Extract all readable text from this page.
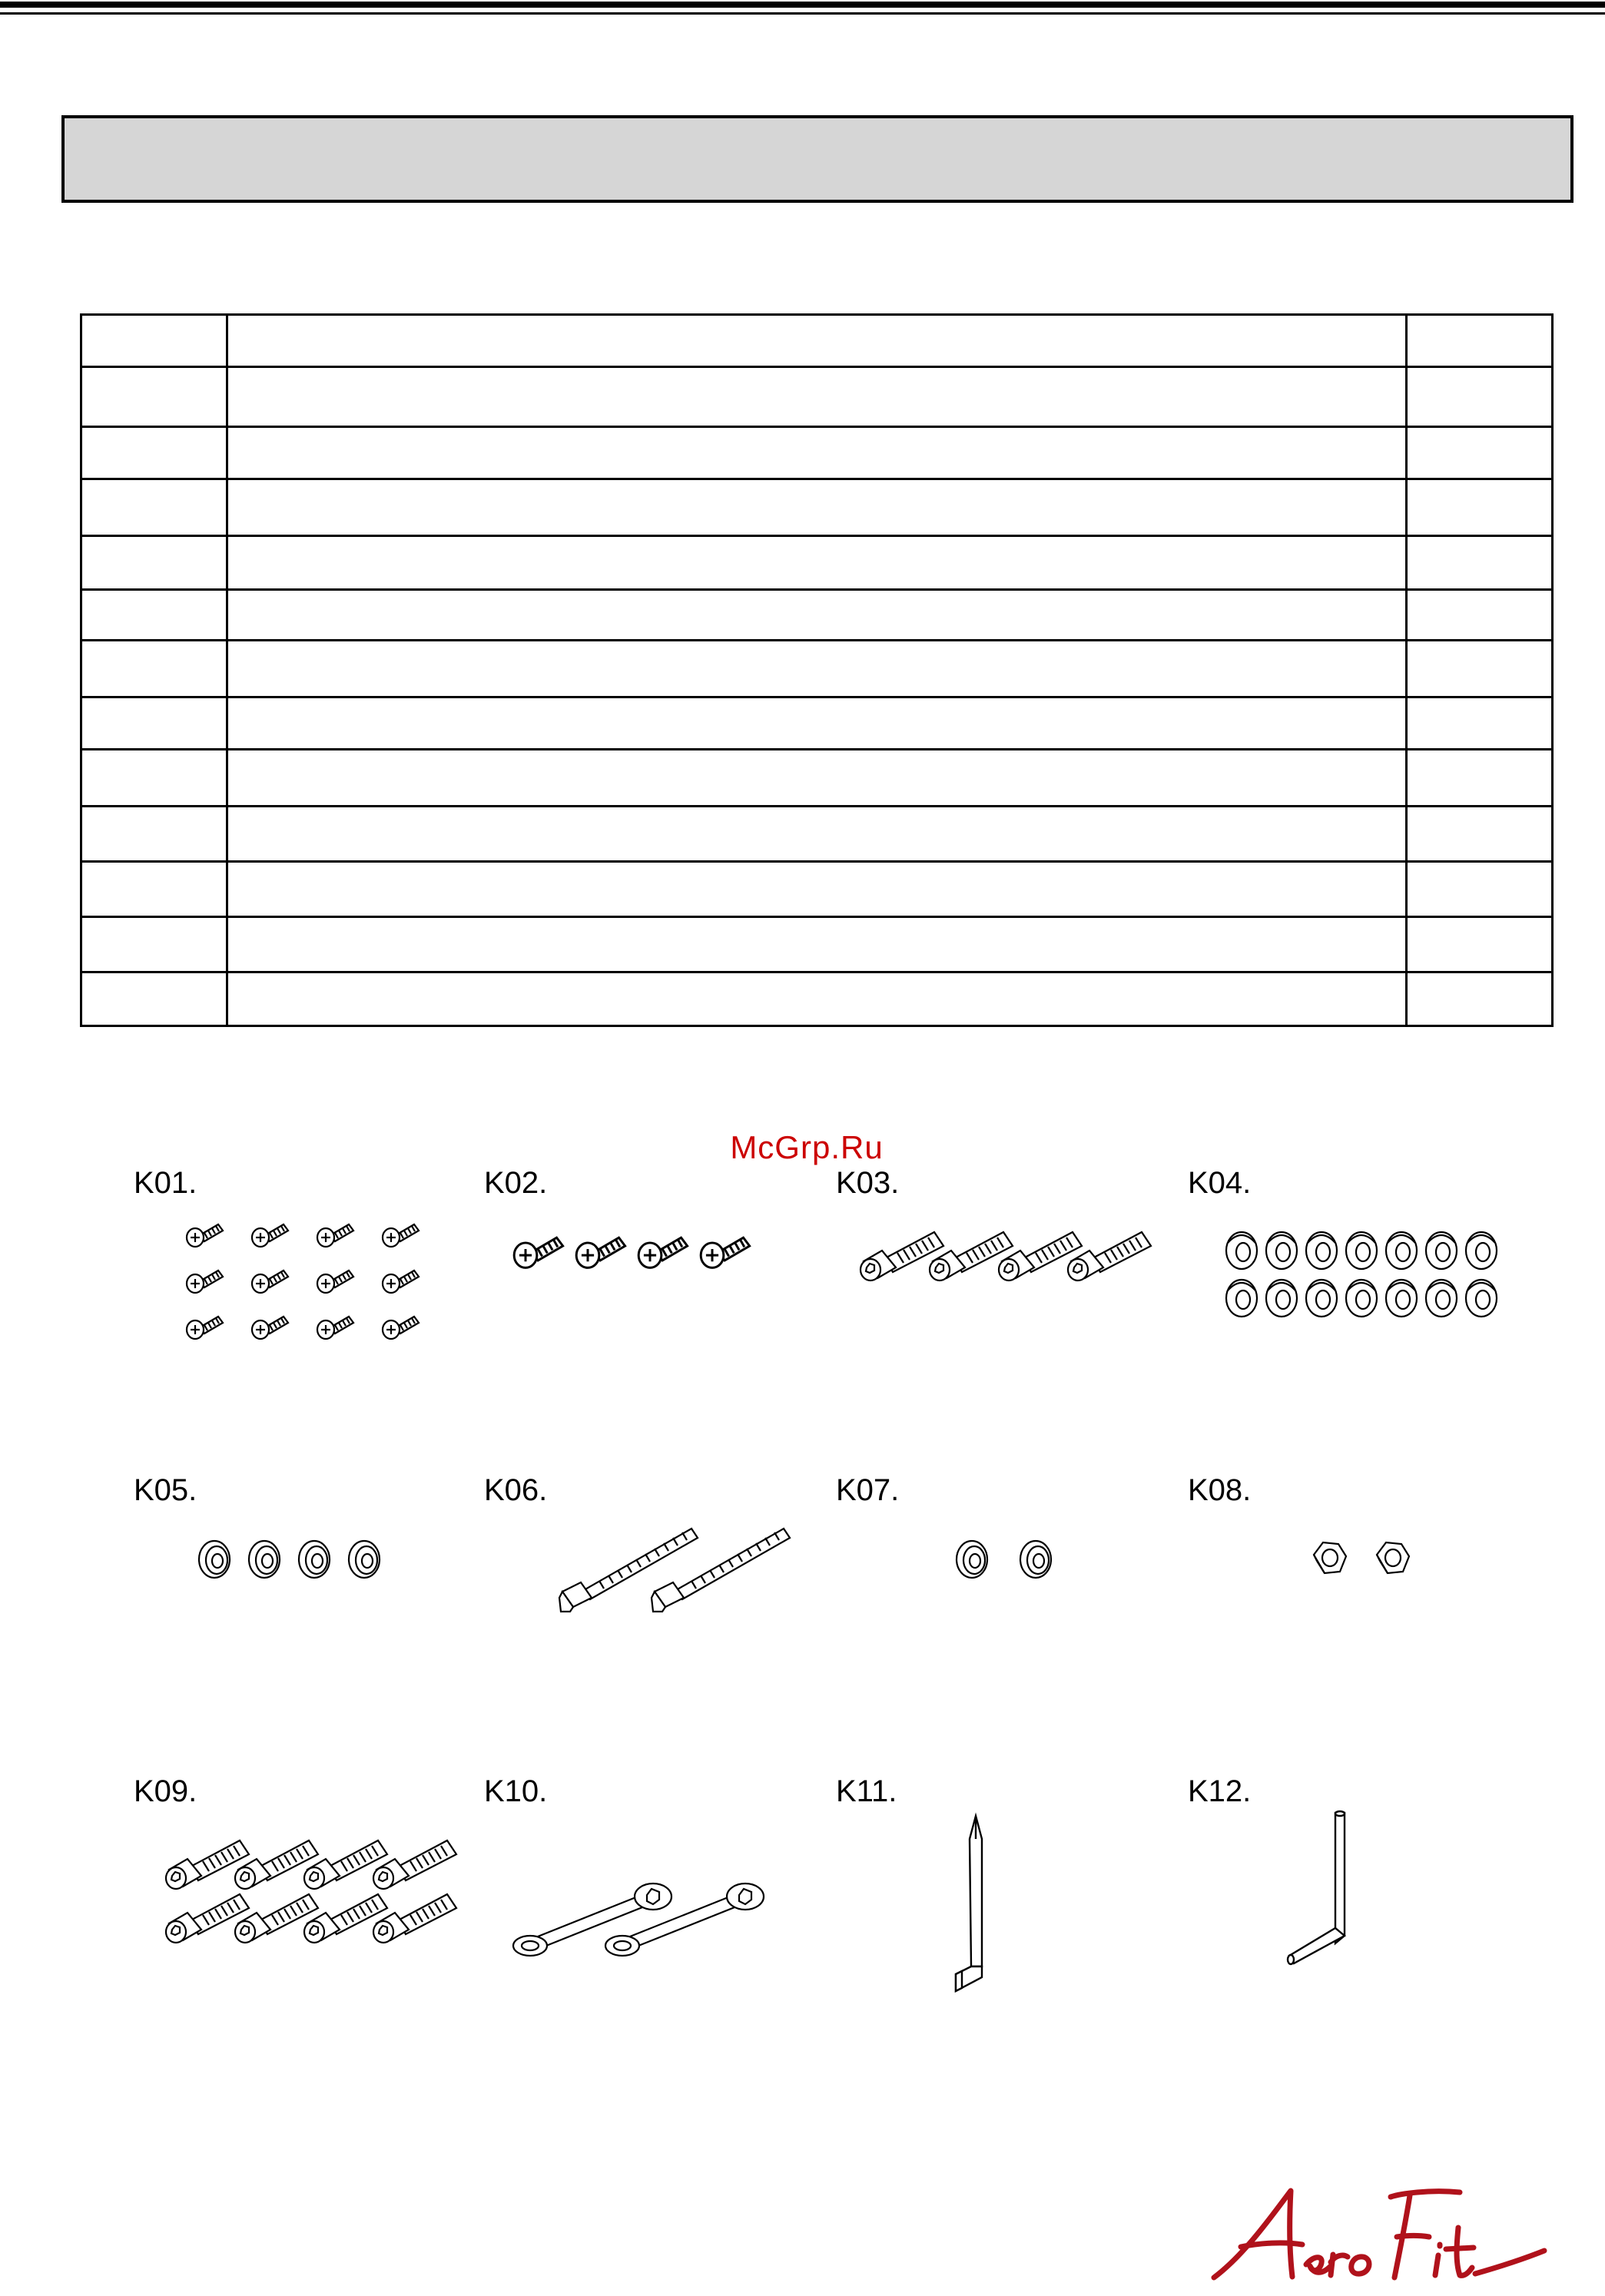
McGrp.Ru
K01.	K02.	K03.	K04.
K05.	K06.	K07.	K08.
K09.	K10.	K11.	K12.
